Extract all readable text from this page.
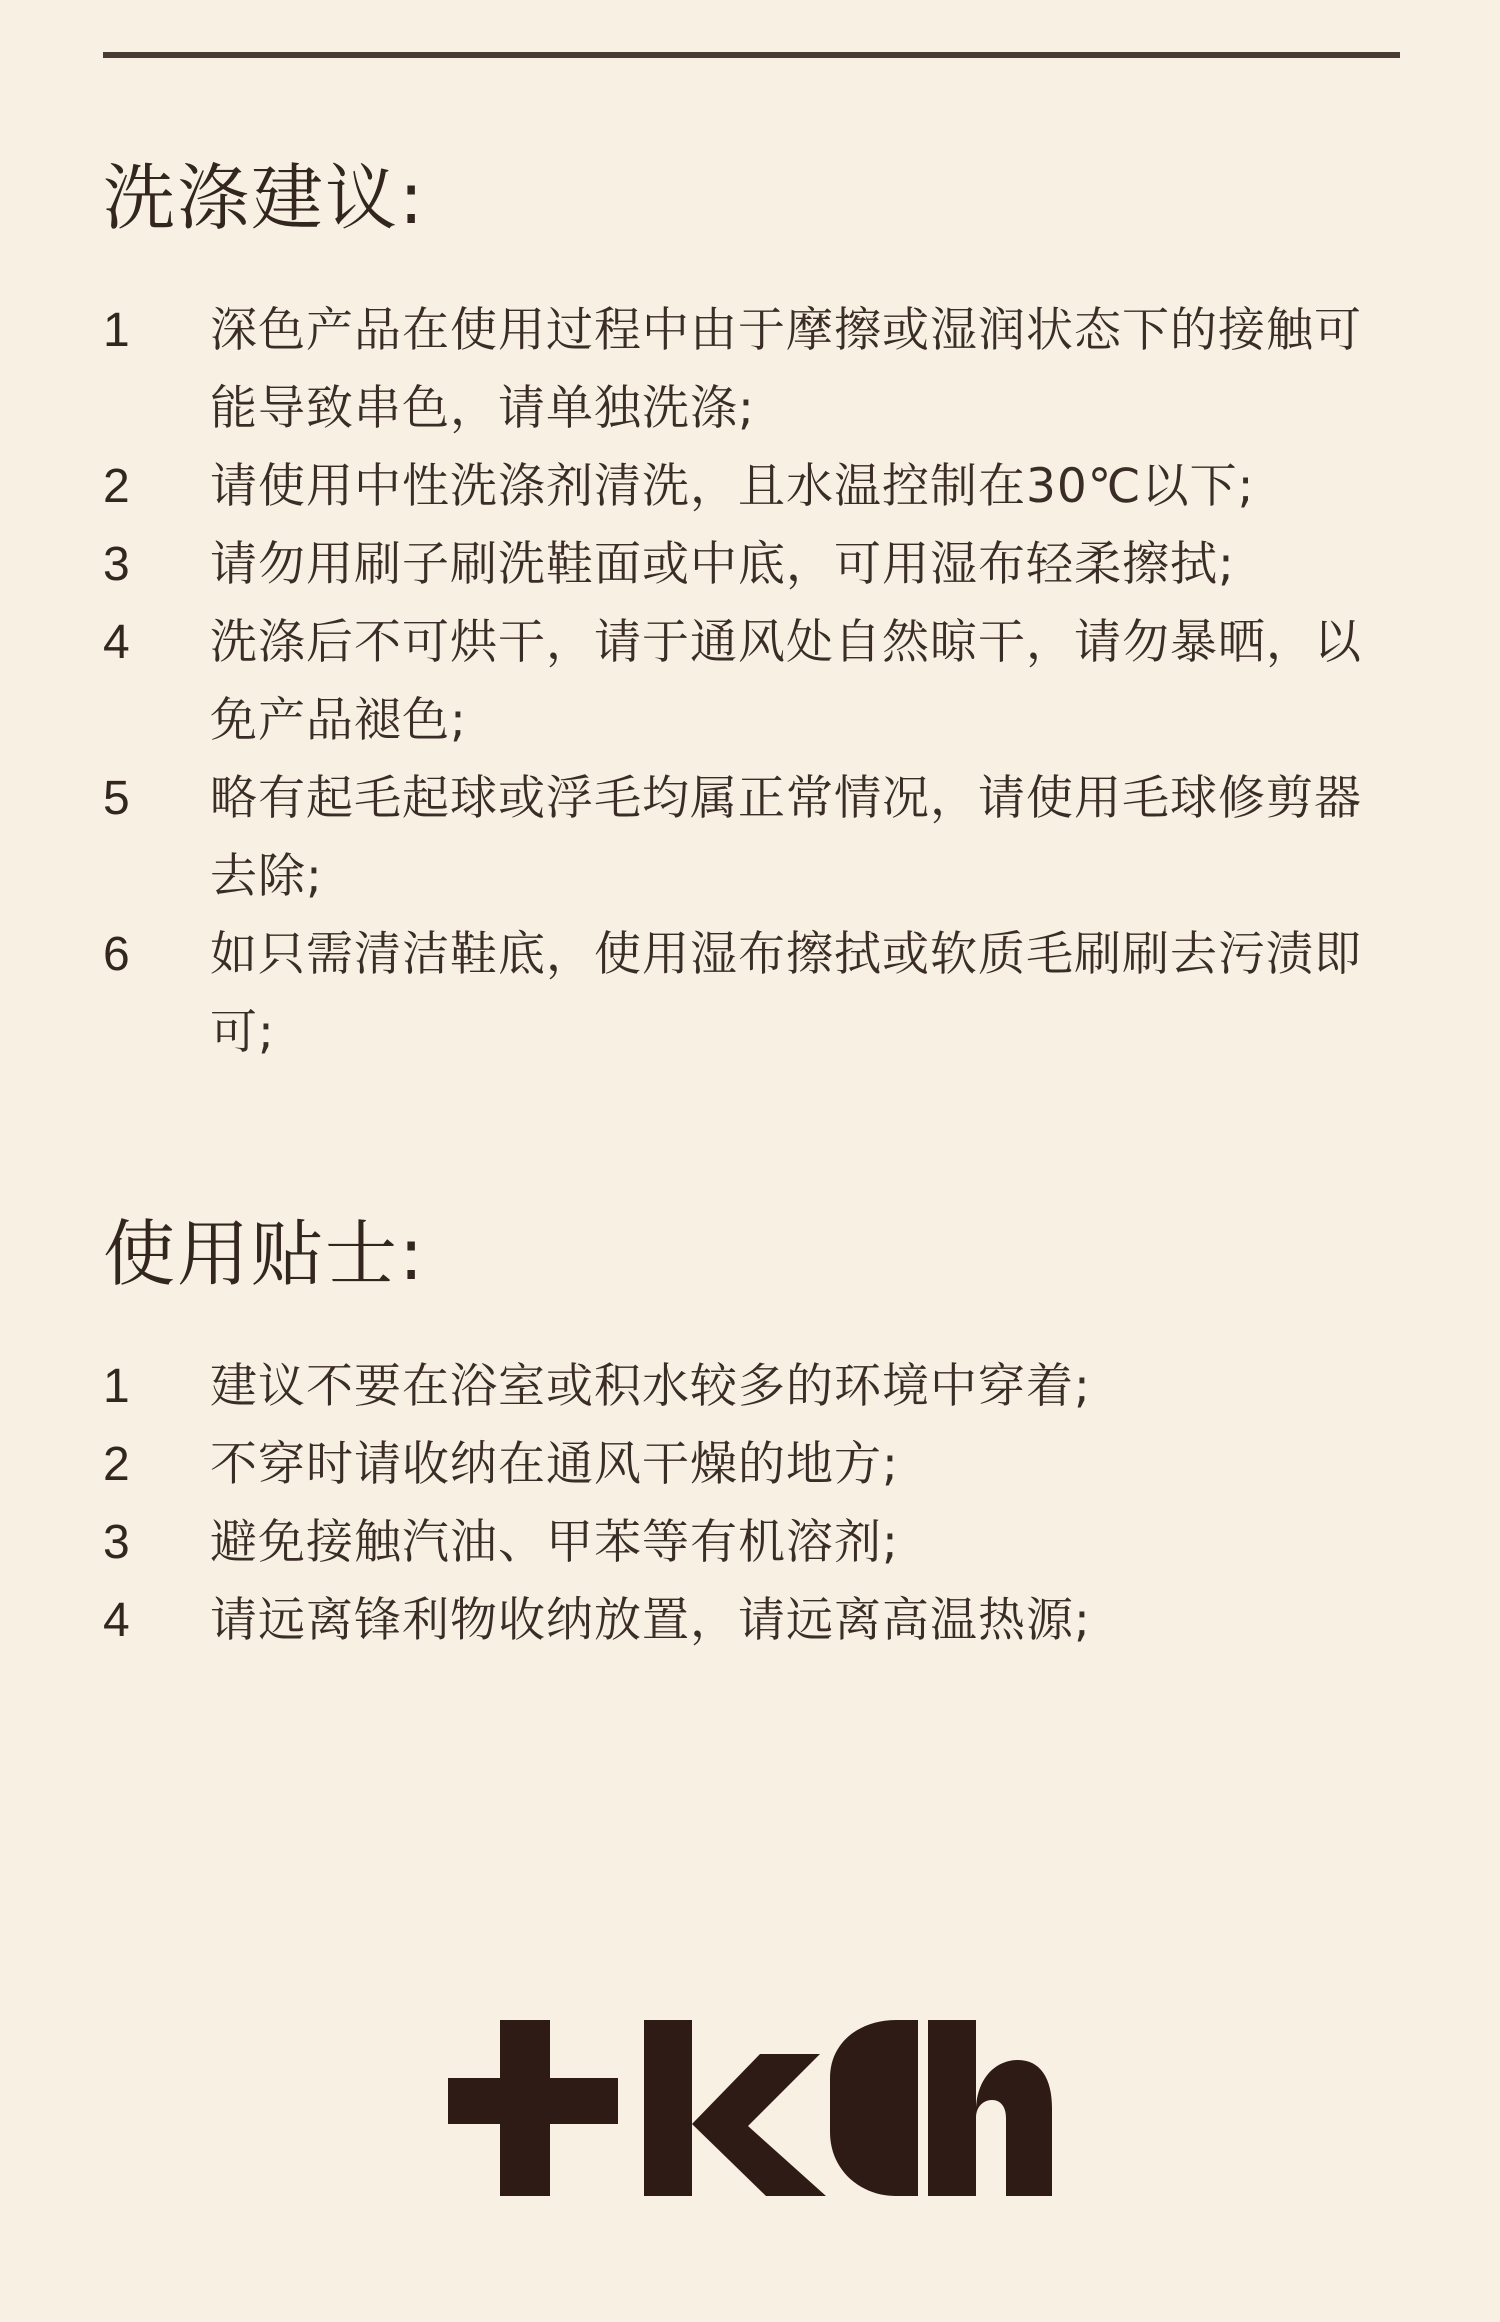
洗涤建议:
1	深色产品在使用过程中由于摩擦或湿润状态下的接触可能导致串色，请单独洗涤;
2	请使用中性洗涤剂清洗，且水温控制在30℃以下;
3	请勿用刷子刷洗鞋面或中底，可用湿布轻柔擦拭;
4	洗涤后不可烘干，请于通风处自然晾干，请勿暴晒，以免产品褪色;
5	略有起毛起球或浮毛均属正常情况，请使用毛球修剪器去除;
6	如只需清洁鞋底，使用湿布擦拭或软质毛刷刷去污渍即可;
使用贴士:
1	建议不要在浴室或积水较多的环境中穿着;
2	不穿时请收纳在通风干燥的地方;
3	避免接触汽油、甲苯等有机溶剂;
4	请远离锋利物收纳放置，请远离高温热源;
